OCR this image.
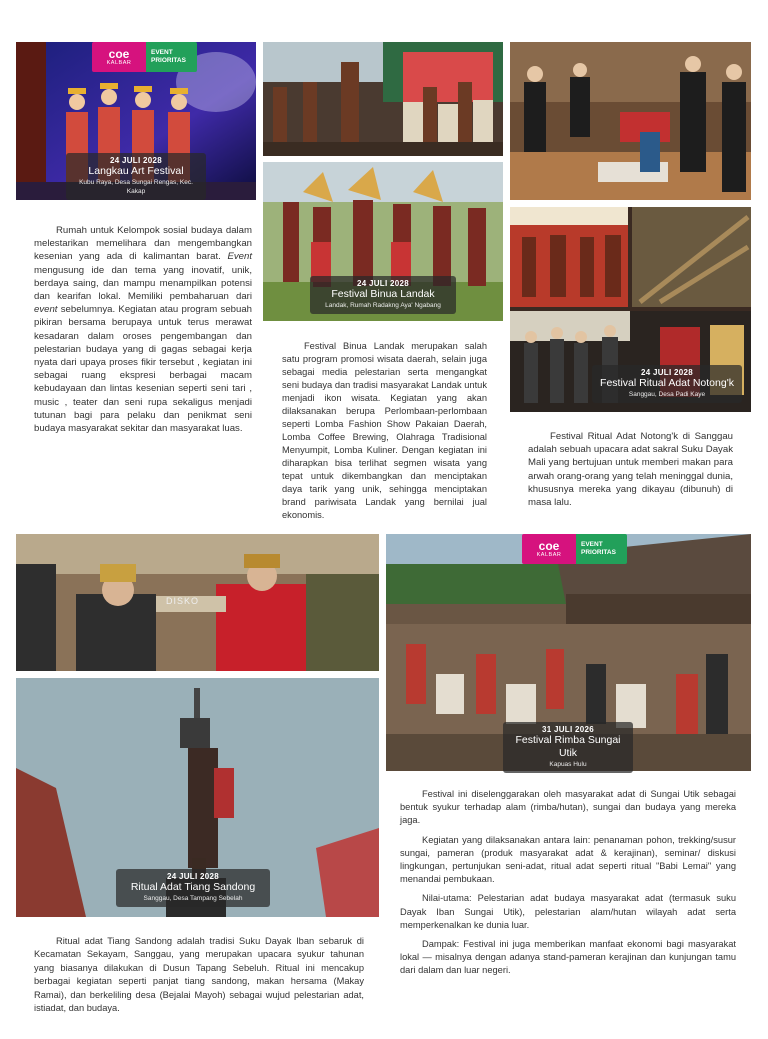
coe
KALBAR
EVENT
PRIORITAS
24 JULI 2028
Langkau Art Festival
Kubu Raya, Desa Sungai Rengas, Kec. Kakap
24 JULI 2028
Festival Binua Landak
Landak, Rumah Radakng Aya' Ngabang
24 JULI 2028
Festival Ritual Adat Notong'k
Sanggau, Desa Padi Kaye

Rumah untuk Kelompok sosial budaya dalam melestarikan memelihara dan mengembangkan kesenian yang ada di kalimantan barat. Event mengusung ide dan tema yang inovatif, unik, berdaya saing, dan mampu menampilkan potensi dan kearifan lokal. Memiliki pembaharuan dari event sebelumnya. Kegiatan atau program sebuah pikiran bersama berupaya untuk terus merawat kesadaran dalam oroses pengembangan dan pelestarian budaya yang di gagas sebagai kerja nyata dari upaya proses fikir tersebut , kegiatan ini sebagai ruang ekspresi berbagai macam kebudayaan dan lintas kesenian seperti seni tari , music , teater dan seni rupa sekaligus menjadi tutunan bagi para pelaku dan penikmat seni budaya masyarakat sekitar dan masyarakat luas.

Festival Binua Landak merupakan salah satu program promosi wisata daerah, selain juga sebagai media pelestarian serta mengangkat seni budaya dan tradisi masyarakat Landak untuk menjadi ikon wisata. Kegiatan yang akan dilaksanakan berupa Perlombaan-perlombaan seperti Lomba Fashion Show Pakaian Daerah, Lomba Coffee Brewing, Olahraga Tradisional Menyumpit, Lomba Kuliner. Dengan kegiatan ini diharapkan bisa terlihat segmen wisata yang tepat untuk dikembangkan dan menciptakan daya tarik yang unik, sehingga menciptakan brand pariwisata Landak yang bernilai jual ekonomis.

Festival Ritual Adat Notong'k di Sanggau adalah sebuah upacara adat sakral Suku Dayak Mali yang bertujuan untuk memberi makan para arwah orang-orang yang telah meninggal dunia, khususnya mereka yang dikayau (dibunuh) di masa lalu.

DISKO
24 JULI 2028
Ritual Adat Tiang Sandong
Sanggau, Desa Tampang Sebelah
coe
KALBAR
EVENT
PRIORITAS
31 JULI 2026
Festival Rimba Sungai Utik
Kapuas Hulu

Ritual adat Tiang Sandong adalah tradisi Suku Dayak Iban sebaruk di Kecamatan Sekayam, Sanggau, yang merupakan upacara syukur tahunan yang biasanya dilakukan di Dusun Tapang Sebeluh. Ritual ini mencakup berbagai kegiatan seperti panjat tiang sandong, makan hersama (Makay Ramai), dan berkeliling desa (Bejalai Mayoh) sebagai wujud pelestarian adat, istiadat, dan budaya.

Festival ini diselenggarakan oleh masyarakat adat di Sungai Utik sebagai bentuk syukur terhadap alam (rimba/hutan), sungai dan budaya yang mereka jaga.

Kegiatan yang dilaksanakan antara lain: penanaman pohon, trekking/susur sungai, pameran (produk masyarakat adat & kerajinan), seminar/ diskusi lingkungan, pertunjukan seni-adat, ritual adat seperti ritual "Babi Lemai" yang menandai pembukaan.

Nilai-utama: Pelestarian adat budaya masyarakat adat (termasuk suku Dayak Iban Sungai Utik), pelestarian alam/hutan wilayah adat serta memperkenalkan ke dunia luar.

Dampak: Festival ini juga memberikan manfaat ekonomi bagi masyarakat lokal — misalnya dengan adanya stand-pameran kerajinan dan kunjungan tamu dari dalam dan luar negeri.
